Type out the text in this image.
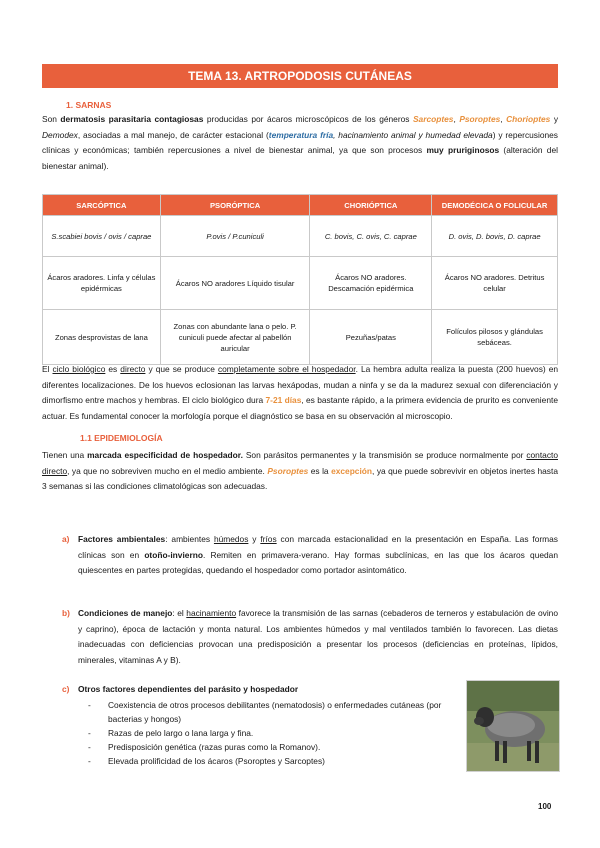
TEMA 13. ARTROPODOSIS CUTÁNEAS
1. SARNAS
Son dermatosis parasitaria contagiosas producidas por ácaros microscópicos de los géneros Sarcoptes, Psoroptes, Chorioptes y Demodex, asociadas a mal manejo, de carácter estacional (temperatura fría, hacinamiento animal y humedad elevada) y repercusiones clínicas y económicas; también repercusiones a nivel de bienestar animal, ya que son procesos muy pruriginosos (alteración del bienestar animal).
SARCÓPTICA	PSORÓPTICA	CHORIÓPTICA	DEMODÉCICA O FOLICULAR
S.scabiei bovis / ovis / caprae	P.ovis / P.cuniculi	C. bovis, C. ovis, C. caprae	D. ovis, D. bovis, D. caprae
Ácaros aradores. Linfa y células epidérmicas	Ácaros NO aradores Líquido tisular	Ácaros NO aradores. Descamación epidérmica	Ácaros NO aradores. Detritus celular
Zonas desprovistas de lana	Zonas con abundante lana o pelo. P. cuniculi puede afectar al pabellón auricular	Pezuñas/patas	Folículos pilosos y glándulas sebáceas.
El ciclo biológico es directo y que se produce completamente sobre el hospedador. La hembra adulta realiza la puesta (200 huevos) en diferentes localizaciones. De los huevos eclosionan las larvas hexápodas, mudan a ninfa y se da la madurez sexual con diferenciación y dimorfismo entre machos y hembras. El ciclo biológico dura 7-21 días, es bastante rápido, a la primera evidencia de prurito es conveniente actuar. Es fundamental conocer la morfología porque el diagnóstico se basa en su observación al microscopio.
1.1 EPIDEMIOLOGÍA
Tienen una marcada especificidad de hospedador. Son parásitos permanentes y la transmisión se produce normalmente por contacto directo, ya que no sobreviven mucho en el medio ambiente. Psoroptes es la excepción, ya que puede sobrevivir en objetos inertes hasta 3 semanas si las condiciones climatológicas son adecuadas.
a) Factores ambientales: ambientes húmedos y fríos con marcada estacionalidad en la presentación en España. Las formas clínicas son en otoño-invierno. Remiten en primavera-verano. Hay formas subclínicas, en las que los ácaros quedan quiescentes en partes protegidas, quedando el hospedador como portador asintomático.
b) Condiciones de manejo: el hacinamiento favorece la transmisión de las sarnas (cebaderos de terneros y estabulación de ovino y caprino), época de lactación y monta natural. Los ambientes húmedos y mal ventilados también lo favorecen. Las dietas inadecuadas con deficiencias provocan una predisposición a presentar los procesos (deficiencias en proteínas, lípidos, minerales, vitaminas A y B).
c) Otros factores dependientes del parásito y hospedador
- Coexistencia de otros procesos debilitantes (nematodosis) o enfermedades cutáneas (por bacterias y hongos)
- Razas de pelo largo o lana larga y fina.
- Predisposición genética (razas puras como la Romanov).
- Elevada prolificidad de los ácaros (Psoroptes y Sarcoptes)
100
